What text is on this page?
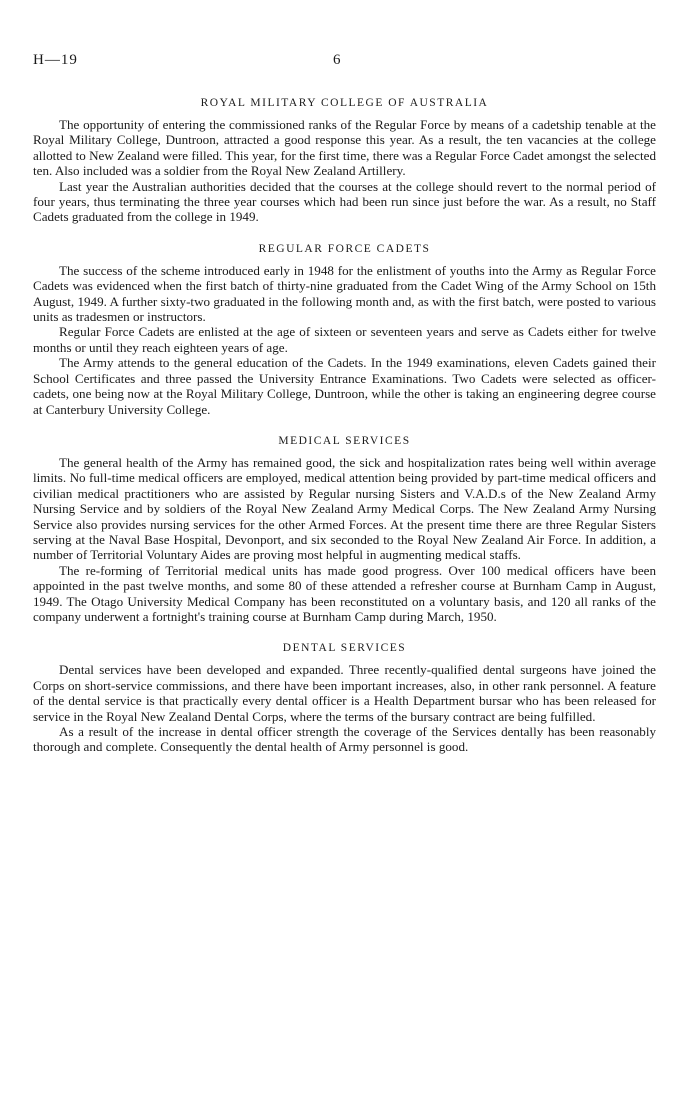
H—19	6
ROYAL MILITARY COLLEGE OF AUSTRALIA

The opportunity of entering the commissioned ranks of the Regular Force by means of a cadetship tenable at the Royal Military College, Duntroon, attracted a good response this year. As a result, the ten vacancies at the college allotted to New Zealand were filled. This year, for the first time, there was a Regular Force Cadet amongst the selected ten. Also included was a soldier from the Royal New Zealand Artillery.

Last year the Australian authorities decided that the courses at the college should revert to the normal period of four years, thus terminating the three year courses which had been run since just before the war. As a result, no Staff Cadets graduated from the college in 1949.

REGULAR FORCE CADETS

The success of the scheme introduced early in 1948 for the enlistment of youths into the Army as Regular Force Cadets was evidenced when the first batch of thirty-nine graduated from the Cadet Wing of the Army School on 15th August, 1949. A further sixty-two graduated in the following month and, as with the first batch, were posted to various units as tradesmen or instructors.

Regular Force Cadets are enlisted at the age of sixteen or seventeen years and serve as Cadets either for twelve months or until they reach eighteen years of age.

The Army attends to the general education of the Cadets. In the 1949 examinations, eleven Cadets gained their School Certificates and three passed the University Entrance Examinations. Two Cadets were selected as officer-cadets, one being now at the Royal Military College, Duntroon, while the other is taking an engineering degree course at Canterbury University College.

MEDICAL SERVICES

The general health of the Army has remained good, the sick and hospitalization rates being well within average limits. No full-time medical officers are employed, medical attention being provided by part-time medical officers and civilian medical practitioners who are assisted by Regular nursing Sisters and V.A.D.s of the New Zealand Army Nursing Service and by soldiers of the Royal New Zealand Army Medical Corps. The New Zealand Army Nursing Service also provides nursing services for the other Armed Forces. At the present time there are three Regular Sisters serving at the Naval Base Hospital, Devonport, and six seconded to the Royal New Zealand Air Force. In addition, a number of Territorial Voluntary Aides are proving most helpful in augmenting medical staffs.

The re-forming of Territorial medical units has made good progress. Over 100 medical officers have been appointed in the past twelve months, and some 80 of these attended a refresher course at Burnham Camp in August, 1949. The Otago University Medical Company has been reconstituted on a voluntary basis, and 120 all ranks of the company underwent a fortnight's training course at Burnham Camp during March, 1950.

DENTAL SERVICES

Dental services have been developed and expanded. Three recently-qualified dental surgeons have joined the Corps on short-service commissions, and there have been important increases, also, in other rank personnel. A feature of the dental service is that practically every dental officer is a Health Department bursar who has been released for service in the Royal New Zealand Dental Corps, where the terms of the bursary contract are being fulfilled.

As a result of the increase in dental officer strength the coverage of the Services dentally has been reasonably thorough and complete. Consequently the dental health of Army personnel is good.
